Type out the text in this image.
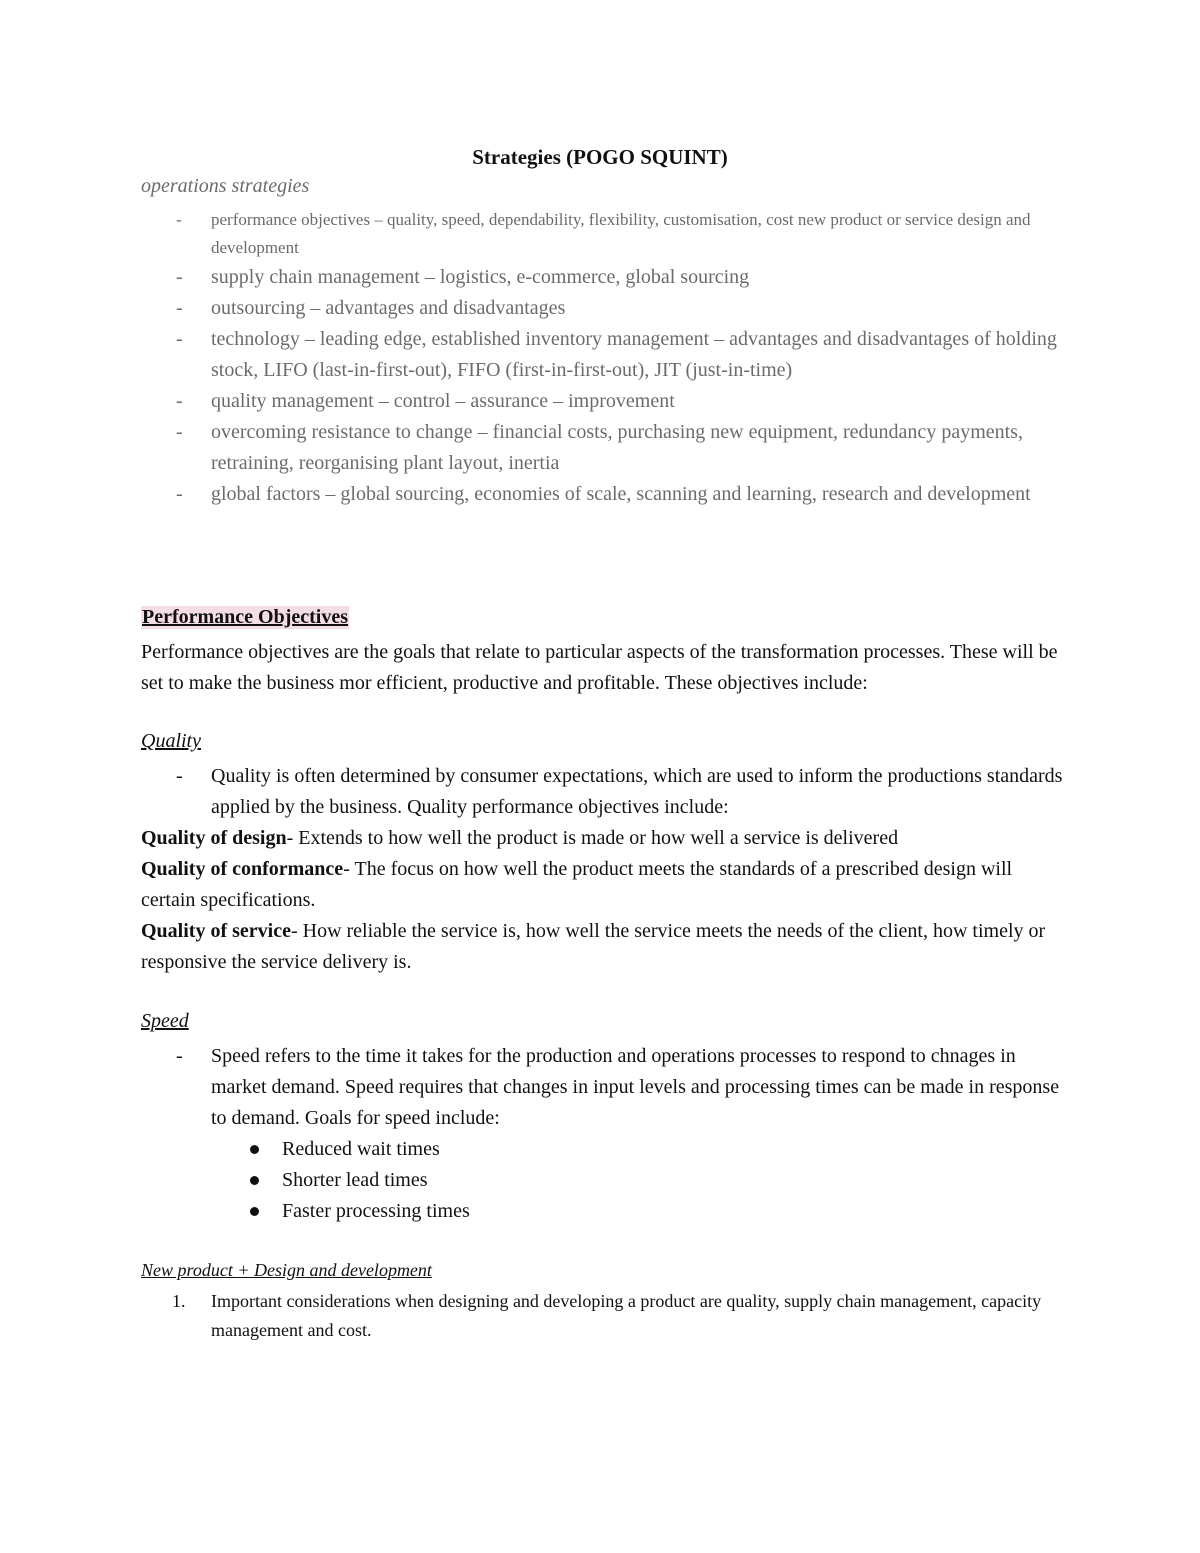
Strategies (POGO SQUINT)
operations strategies
- performance objectives – quality, speed, dependability, flexibility, customisation, cost new product or service design and development
- supply chain management – logistics, e-commerce, global sourcing
- outsourcing – advantages and disadvantages
- technology – leading edge, established inventory management – advantages and disadvantages of holding stock, LIFO (last-in-first-out), FIFO (first-in-first-out), JIT (just-in-time)
- quality management – control – assurance – improvement
- overcoming resistance to change – financial costs, purchasing new equipment, redundancy payments, retraining, reorganising plant layout, inertia
- global factors – global sourcing, economies of scale, scanning and learning, research and development
Performance Objectives

Performance objectives are the goals that relate to particular aspects of the transformation processes. These will be set to make the business mor efficient, productive and profitable. These objectives include:

Quality
- Quality is often determined by consumer expectations, which are used to inform the productions standards applied by the business. Quality performance objectives include:

Quality of design- Extends to how well the product is made or how well a service is delivered

Quality of conformance- The focus on how well the product meets the standards of a prescribed design will certain specifications.

Quality of service- How reliable the service is, how well the service meets the needs of the client, how timely or responsive the service delivery is.

Speed
- Speed refers to the time it takes for the production and operations processes to respond to chnages in market demand. Speed requires that changes in input levels and processing times can be made in response to demand. Goals for speed include:
Reduced wait times
Shorter lead times
Faster processing times
New product + Design and development
1. Important considerations when designing and developing a product are quality, supply chain management, capacity management and cost.
